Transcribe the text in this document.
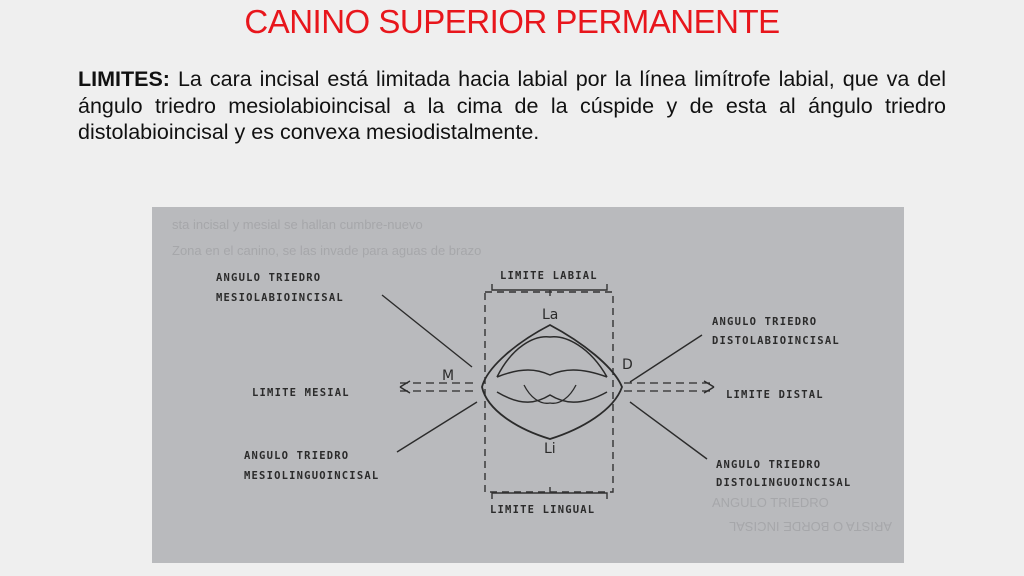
CANINO SUPERIOR PERMANENTE
LIMITES: La cara incisal está limitada hacia labial por la línea limítrofe labial, que va del ángulo triedro mesiolabioincisal a la cima de la cúspide y de esta al ángulo triedro distolabioincisal y es convexa mesiodistalmente.
sta incisal y mesial se hallan cumbre-nuevo
Zona en el canino, se las invade para aguas de brazo
ANGULO TRIEDRO
ARISTA O BORDE INCISAL
ANGULO TRIEDRO
MESIOLABIOINCISAL
LIMITE LABIAL
ANGULO TRIEDRO
DISTOLABIOINCISAL
LIMITE MESIAL	LIMITE DISTAL
ANGULO TRIEDRO
MESIOLINGUOINCISAL
ANGULO TRIEDRO
DISTOLINGUOINCISAL
LIMITE LINGUAL
La
Li
M
D
